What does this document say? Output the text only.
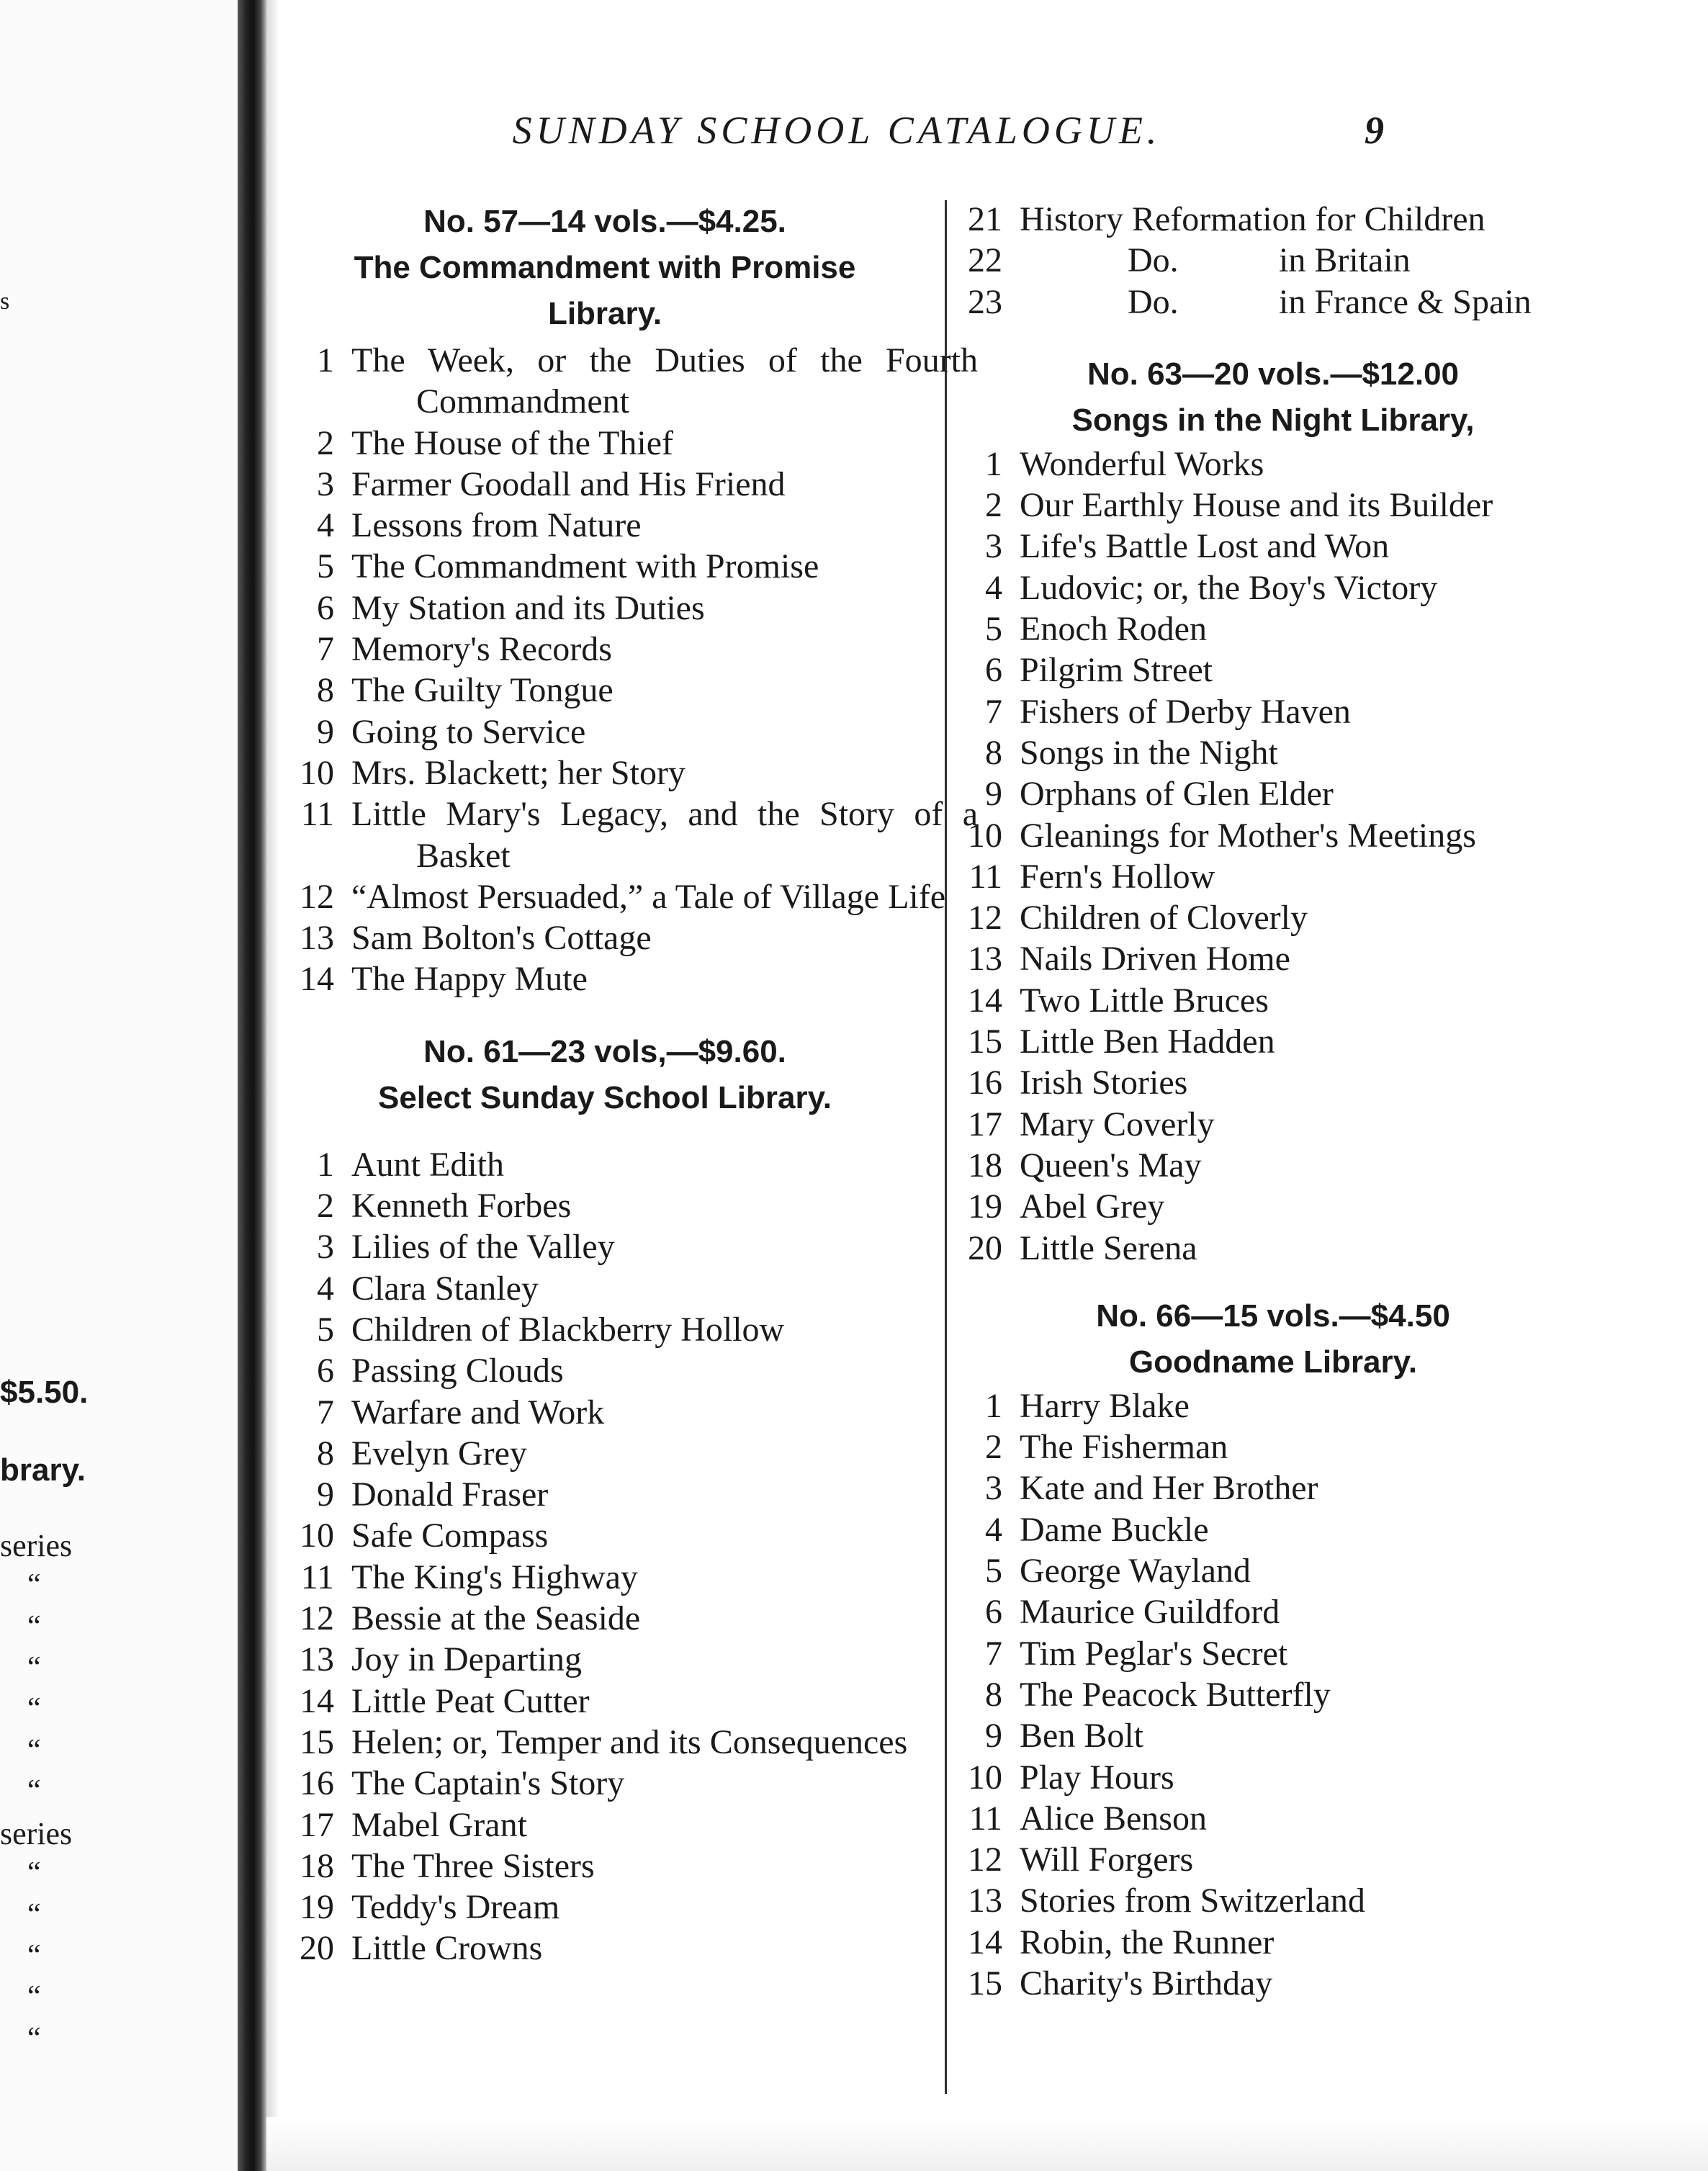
s
$5.50.
brary.
series
“
“
“
“
“
“
series
“
“
“
“
“
SUNDAY SCHOOL CATALOGUE.	9
No. 57—14 vols.—$4.25.
The Commandment with Promise
Library.
1 The Week, or the Duties of the Fourth Commandment
2 The House of the Thief
3 Farmer Goodall and His Friend
4 Lessons from Nature
5 The Commandment with Promise
6 My Station and its Duties
7 Memory's Records
8 The Guilty Tongue
9 Going to Service
10 Mrs. Blackett; her Story
11 Little Mary's Legacy, and the Story of a Basket
12 “Almost Persuaded,” a Tale of Village Life
13 Sam Bolton's Cottage
14 The Happy Mute
No. 61—23 vols,—$9.60.
Select Sunday School Library.
1 Aunt Edith
2 Kenneth Forbes
3 Lilies of the Valley
4 Clara Stanley
5 Children of Blackberry Hollow
6 Passing Clouds
7 Warfare and Work
8 Evelyn Grey
9 Donald Fraser
10 Safe Compass
11 The King's Highway
12 Bessie at the Seaside
13 Joy in Departing
14 Little Peat Cutter
15 Helen; or, Temper and its Consequences
16 The Captain's Story
17 Mabel Grant
18 The Three Sisters
19 Teddy's Dream
20 Little Crowns
21 History Reformation for Children
22	Do.	in Britain
23	Do.	in France & Spain
No. 63—20 vols.—$12.00
Songs in the Night Library,
1 Wonderful Works
2 Our Earthly House and its Builder
3 Life's Battle Lost and Won
4 Ludovic; or, the Boy's Victory
5 Enoch Roden
6 Pilgrim Street
7 Fishers of Derby Haven
8 Songs in the Night
9 Orphans of Glen Elder
10 Gleanings for Mother's Meetings
11 Fern's Hollow
12 Children of Cloverly
13 Nails Driven Home
14 Two Little Bruces
15 Little Ben Hadden
16 Irish Stories
17 Mary Coverly
18 Queen's May
19 Abel Grey
20 Little Serena
No. 66—15 vols.—$4.50
Goodname Library.
1 Harry Blake
2 The Fisherman
3 Kate and Her Brother
4 Dame Buckle
5 George Wayland
6 Maurice Guildford
7 Tim Peglar's Secret
8 The Peacock Butterfly
9 Ben Bolt
10 Play Hours
11 Alice Benson
12 Will Forgers
13 Stories from Switzerland
14 Robin, the Runner
15 Charity's Birthday
